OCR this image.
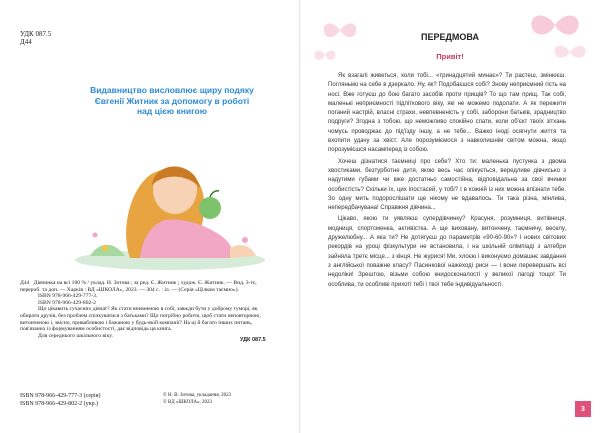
УДК 087.5
Д44
Видавництво висловлює щиру подяку
Євгенії Житник за допомогу в роботі
над цією книгою

Д44 Дівчинка на всі 100 % / уклад. Н. Зотова ; за ред. Є. Житник ; худож. Є. Житник. — Вид. 3-тє, перероб. та доп. — Харків : ВД «ШКОЛА», 2023. — 304 с. : іл. — (Серія «Цілком таємно»).

ISBN 978-966-429-777-3.

ISBN 978-966-429-802-2

Що цікавить сучасних дівчат? Як стати впевненою в собі, завжди бути у доброму гуморі, як обирати друзів, без проблем спілкуватися з батьками? Що потрібно робити, щоб стати неповторною, витонченою і, звісно, привабливою і бажаною у будь-якій компанії? На ці й багато інших питань, пов'язаних із формуванням особистості, дає відповідь ця книга.

Для середнього шкільного віку.

УДК 087.5
ISBN 978-966-429-777-3 (серія)
ISBN 978-966-429-802-2 (укр.)
© Н. В. Зотова, укладання, 2023
© ВД «ШКОЛА», 2023
ПЕРЕДМОВА
Привіт!

Як взагалі живеться, коли тобі... «тринадцятий минає»? Ти растеш, змінюєш. Погляньмо на себе в дзеркало. Ну, як? Подобаєшся собі? Знову неприємний гість на носі. Вже готуєш до бою багато засобів проти прищів? То що там прищ. Так собі, маленькі неприємності підліткового віку, які не можемо подолати. А як пережити поганий настрій, власні страхи, невпевненість у собі, заборони батьків, зрадництво подруги? Згодна з тобою, що неможливо спокійно спати, коли об'єкт твоїх зітхань чомусь проводжає до під'їзду іншу, а не тебе... Важко іноді осягнути життя та вхопити удачу за хвіст. Але порозуміємося з навколишнім світом можна, якщо порозумієшся насамперед із собою.

Хочеш дізнатися таємниці про себе? Хто ти: маленька пустунка з двома хвостиками, безтурботне дитя, якою весь час опікується, вередливе дівчисько з надутими губами чи вже достатньо самостійна, відповідальна за свої вчинки особистість? Скільки їх, цих іпостасей, у тобі? І в кожній із них можна впізнати тебе. Зо одну мить подорослішати ще нікому не вдавалось. Ти така різна, мінлива, непередбачувана! Справжня дівчина...

Цікаво, якою ти уявляєш супердівчинку? Красуня, розумниця, витівниця, модниця, спортсменка, активістка. А ще виховану, витончену, таємничу, веселу, дружелюбну... А яка ти? Не дотягуєш до параметрів «90-60-90»? І нових світових рекордів на уроці фізкультури не встановила, і на шкільній олімпіаді з алгебри зайняла третє місце... з кінця. Не журися! Ми, хлоєю і виконуємо домашнє завдання з англійської поважне класу? Пасинкової нажеході риси — і вони перевершать всі недоліки! Зрештою, візьми собою книдосконалості у великої лагоді тощо! Ти особлива, ти особливі прихоті тебі і твої тебе індивідуальності.

3
